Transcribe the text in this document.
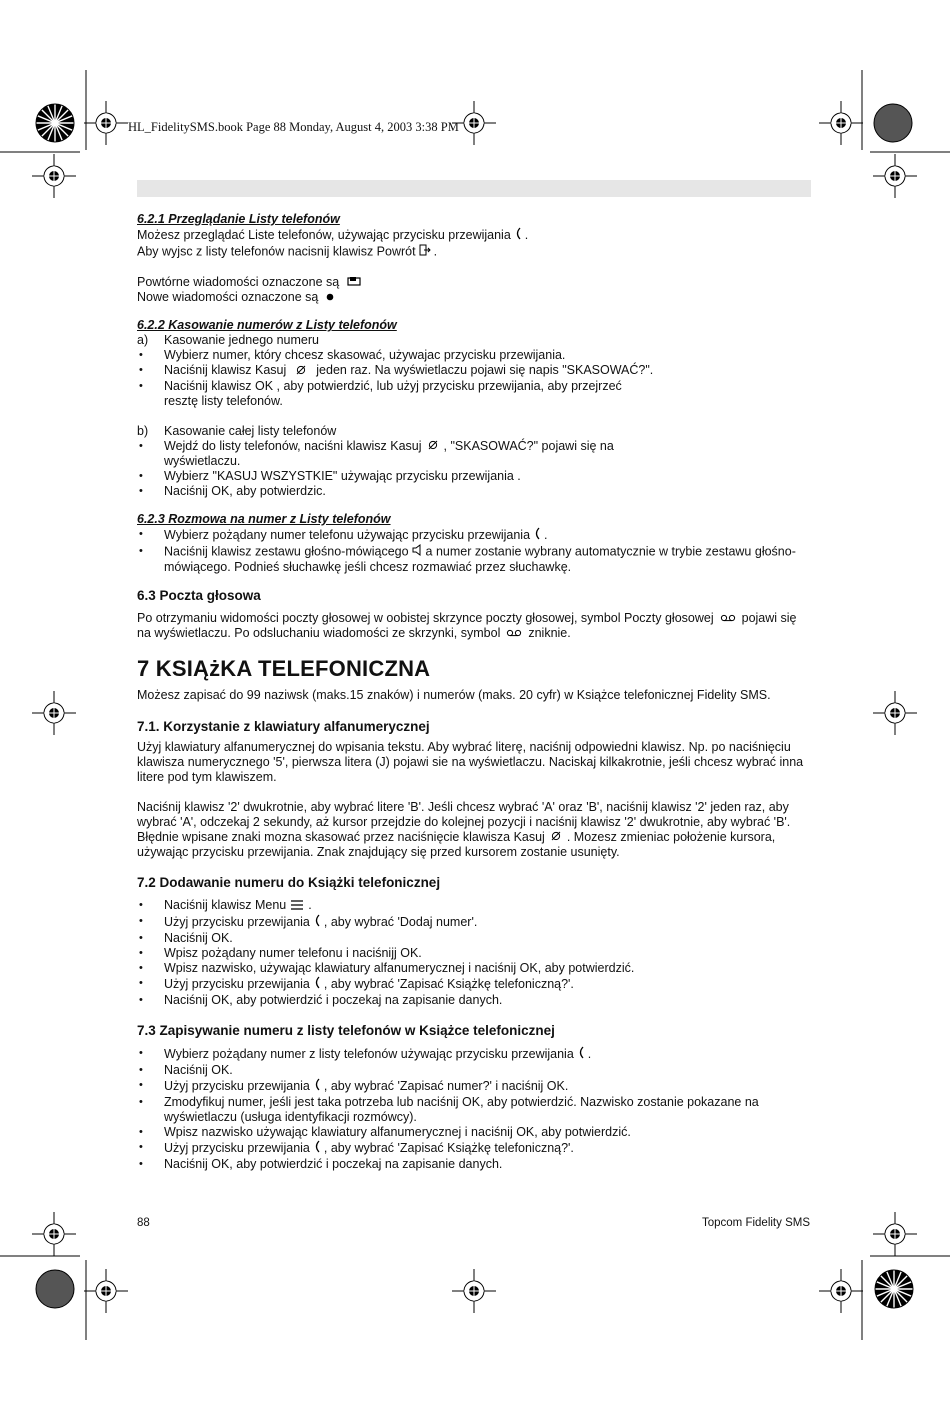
HL_FidelitySMS.book Page 88 Monday, August 4, 2003 3:38 PM

6.2.1 Przeglądanie Listy telefonów

Możesz przeglądać Liste telefonów, używając przycisku przewijania .

Aby wyjsc z listy telefonów nacisnij klawisz Powrót .

Powtórne wiadomości oznaczone są

Nowe wiadomości oznaczone są

6.2.2 Kasowanie numerów z Listy telefonów

a) Kasowanie jednego numeru

• Wybierz numer, który chcesz skasować, używajac przycisku przewijania.
• Naciśnij klawisz Kasuj jeden raz. Na wyświetlaczu pojawi się napis "SKASOWAĆ?".
• Naciśnij klawisz OK , aby potwierdzić, lub użyj przycisku przewijania, aby przejrzeć resztę listy telefonów.

b) Kasowanie całej listy telefonów

• Wejdź do listy telefonów, naciśni klawisz Kasuj , "SKASOWAĆ?" pojawi się na wyświetlaczu.
• Wybierz "KASUJ WSZYSTKIE" używając przycisku przewijania .
• Naciśnij OK, aby potwierdzic.

6.2.3 Rozmowa na numer z Listy telefonów

• Wybierz pożądany numer telefonu używając przycisku przewijania .
• Naciśnij klawisz zestawu głośno-mówiącego a numer zostanie wybrany automatycznie w trybie zestawu głośno-mówiącego. Podnieś słuchawkę jeśli chcesz rozmawiać przez słuchawkę.

6.3 Poczta głosowa

Po otrzymaniu widomości poczty głosowej w oobistej skrzynce poczty głosowej, symbol Poczty głosowej pojawi się na wyświetlaczu. Po odsluchaniu wiadomości ze skrzynki, symbol zniknie.

7 KSIĄżKA TELEFONICZNA

Możesz zapisać do 99 naziwsk (maks.15 znaków) i numerów (maks. 20 cyfr) w Książce telefonicznej Fidelity SMS.

7.1. Korzystanie z klawiatury alfanumerycznej

Użyj klawiatury alfanumerycznej do wpisania tekstu. Aby wybrać literę, naciśnij odpowiedni klawisz. Np. po naciśnięciu klawisza numerycznego '5', pierwsza litera (J) pojawi sie na wyświetlaczu. Naciskaj kilkakrotnie, jeśli chcesz wybrać inna litere pod tym klawiszem.

Naciśnij klawisz '2' dwukrotnie, aby wybrać litere 'B'. Jeśli chcesz wybrać 'A' oraz 'B', naciśnij klawisz '2' jeden raz, aby wybrać 'A', odczekaj 2 sekundy, aż kursor przejdzie do kolejnej pozycji i naciśnij klawisz '2' dwukrotnie, aby wybrać 'B'. Błędnie wpisane znaki mozna skasować przez naciśnięcie klawisza Kasuj . Mozesz zmieniac położenie kursora, używając przycisku przewijania. Znak znajdujący się przed kursorem zostanie usunięty.

7.2 Dodawanie numeru do Książki telefonicznej

• Naciśnij klawisz Menu .
• Użyj przycisku przewijania , aby wybrać 'Dodaj numer'.
• Naciśnij OK.
• Wpisz pożądany numer telefonu i naciśnijj OK.
• Wpisz nazwisko, używając klawiatury alfanumerycznej i naciśnij OK, aby potwierdzić.
• Użyj przycisku przewijania , aby wybrać 'Zapisać Książkę telefoniczną?'.
• Naciśnij OK, aby potwierdzić i poczekaj na zapisanie danych.

7.3 Zapisywanie numeru z listy telefonów w Książce telefonicznej

• Wybierz pożądany numer z listy telefonów używając przycisku przewijania .
• Naciśnij OK.
• Użyj przycisku przewijania , aby wybrać 'Zapisać numer?' i naciśnij OK.
• Zmodyfikuj numer, jeśli jest taka potrzeba lub naciśnij OK, aby potwierdzić. Nazwisko zostanie pokazane na wyświetlaczu (usługa identyfikacji rozmówcy).
• Wpisz nazwisko używając klawiatury alfanumerycznej i naciśnij OK, aby potwierdzić.
• Użyj przycisku przewijania , aby wybrać 'Zapisać Książkę telefoniczną?'.
• Naciśnij OK, aby potwierdzić i poczekaj na zapisanie danych.
88	Topcom Fidelity SMS
